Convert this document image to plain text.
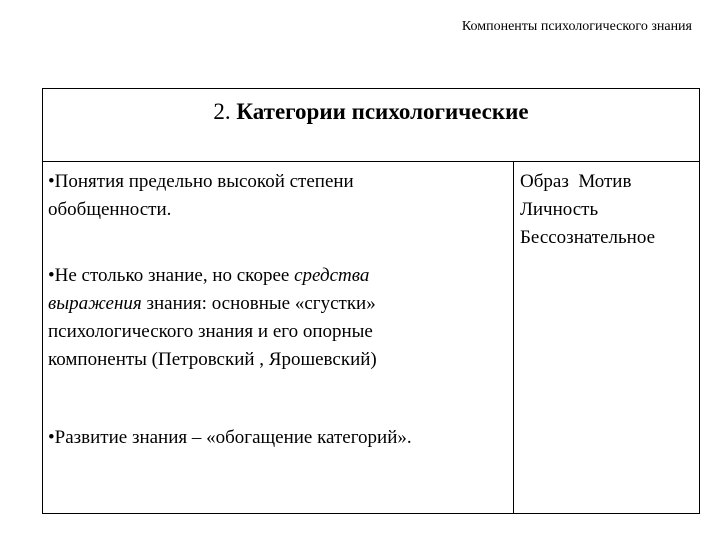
Компоненты психологического знания
2. Категории психологические
•Понятия предельно высокой степени
обобщенности.
•Не столько знание, но скорее средства
выражения знания: основные «сгустки»
психологического знания и его опорные
компоненты (Петровский , Ярошевский)
•Развитие знания – «обогащение категорий».
Образ Мотив
Личность
Бессознательное
